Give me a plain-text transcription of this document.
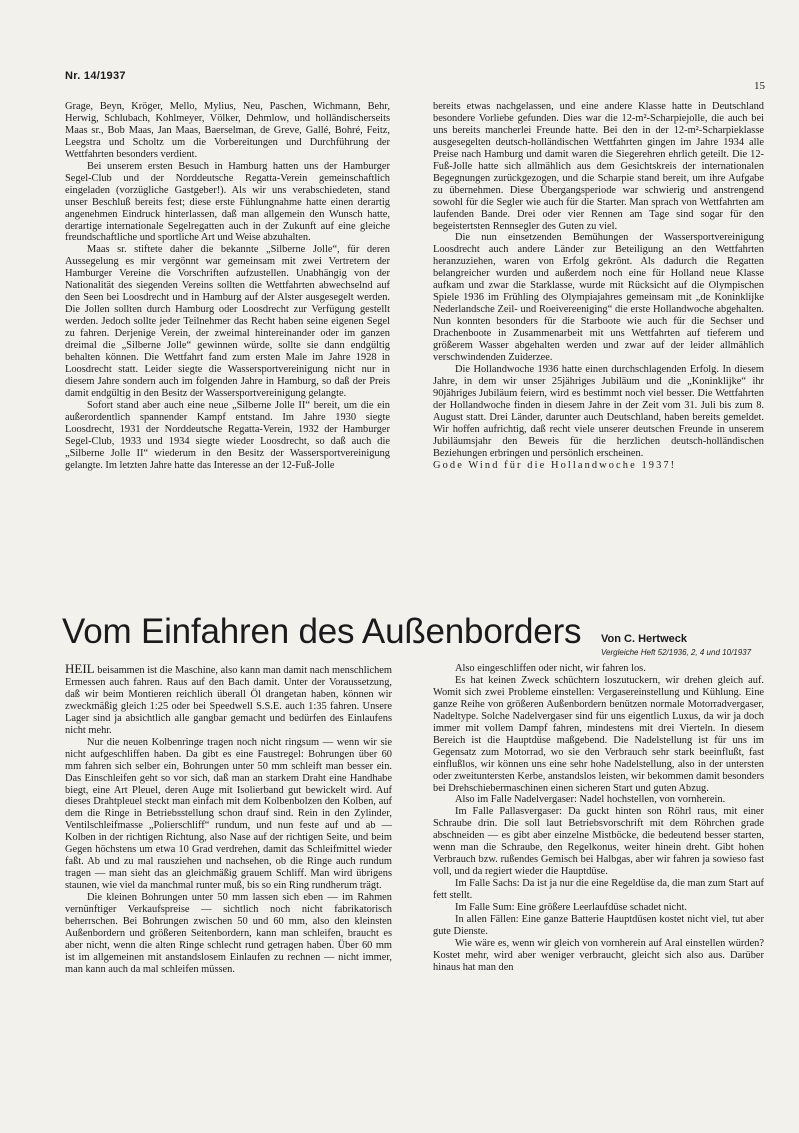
Nr. 14/1937
15

Grage, Beyn, Kröger, Mello, Mylius, Neu, Paschen, Wichmann, Behr, Herwig, Schlubach, Kohlmeyer, Völker, Dehmlow, und holländischerseits Maas sr., Bob Maas, Jan Maas, Baerselman, de Greve, Gallé, Bohré, Feitz, Leegstra und Scholtz um die Vorbereitungen und Durchführung der Wettfahrten besonders verdient.

Bei unserem ersten Besuch in Hamburg hatten uns der Hamburger Segel-Club und der Norddeutsche Regatta-Verein gemeinschaftlich eingeladen (vorzügliche Gastgeber!). Als wir uns verabschiedeten, stand unser Beschluß bereits fest; diese erste Fühlungnahme hatte einen derartig angenehmen Eindruck hinterlassen, daß man allgemein den Wunsch hatte, derartige internationale Segelregatten auch in der Zukunft auf eine gleiche freundschaftliche und sportliche Art und Weise abzuhalten.

Maas sr. stiftete daher die bekannte „Silberne Jolle“, für deren Aussegelung es mir vergönnt war gemeinsam mit zwei Vertretern der Hamburger Vereine die Vorschriften aufzustellen. Unabhängig von der Nationalität des siegenden Vereins sollten die Wettfahrten abwechselnd auf den Seen bei Loosdrecht und in Hamburg auf der Alster ausgesegelt werden. Die Jollen sollten durch Hamburg oder Loosdrecht zur Verfügung gestellt werden. Jedoch sollte jeder Teilnehmer das Recht haben seine eigenen Segel zu fahren. Derjenige Verein, der zweimal hintereinander oder im ganzen dreimal die „Silberne Jolle“ gewinnen würde, sollte sie dann endgültig behalten können. Die Wettfahrt fand zum ersten Male im Jahre 1928 in Loosdrecht statt. Leider siegte die Wassersportvereinigung nicht nur in diesem Jahre sondern auch im folgenden Jahre in Hamburg, so daß der Preis damit endgültig in den Besitz der Wassersportvereinigung gelangte.

Sofort stand aber auch eine neue „Silberne Jolle II“ bereit, um die ein außerordentlich spannender Kampf entstand. Im Jahre 1930 siegte Loosdrecht, 1931 der Norddeutsche Regatta-Verein, 1932 der Hamburger Segel-Club, 1933 und 1934 siegte wieder Loosdrecht, so daß auch die „Silberne Jolle II“ wiederum in den Besitz der Wassersportvereinigung gelangte. Im letzten Jahre hatte das Interesse an der 12-Fuß-Jolle

bereits etwas nachgelassen, und eine andere Klasse hatte in Deutschland besondere Vorliebe gefunden. Dies war die 12-m²-Scharpiejolle, die auch bei uns bereits mancherlei Freunde hatte. Bei den in der 12-m²-Scharpieklasse ausgesegelten deutsch-holländischen Wettfahrten gingen im Jahre 1934 alle Preise nach Hamburg und damit waren die Siegerehren ehrlich geteilt. Die 12-Fuß-Jolle hatte sich allmählich aus dem Gesichtskreis der internationalen Begegnungen zurückgezogen, und die Scharpie stand bereit, um ihre Aufgabe zu übernehmen. Diese Übergangsperiode war schwierig und anstrengend sowohl für die Segler wie auch für die Starter. Man sprach von Wettfahrten am laufenden Bande. Drei oder vier Rennen am Tage sind sogar für den begeistertsten Rennsegler des Guten zu viel.

Die nun einsetzenden Bemühungen der Wassersportvereinigung Loosdrecht auch andere Länder zur Beteiligung an den Wettfahrten heranzuziehen, waren von Erfolg gekrönt. Als dadurch die Regatten belangreicher wurden und außerdem noch eine für Holland neue Klasse aufkam und zwar die Starklasse, wurde mit Rücksicht auf die Olympischen Spiele 1936 im Frühling des Olympiajahres gemeinsam mit „de Koninklijke Nederlandsche Zeil- und Roeivereeniging“ die erste Hollandwoche abgehalten. Nun konnten besonders für die Starboote wie auch für die Sechser und Drachenboote in Zusammenarbeit mit uns Wettfahrten auf tieferem und größerem Wasser abgehalten werden und zwar auf der leider allmählich verschwindenden Zuiderzee.

Die Hollandwoche 1936 hatte einen durchschlagenden Erfolg. In diesem Jahre, in dem wir unser 25jähriges Jubiläum und die „Koninklijke“ ihr 90jähriges Jubiläum feiern, wird es bestimmt noch viel besser. Die Wettfahrten der Hollandwoche finden in diesem Jahre in der Zeit vom 31. Juli bis zum 8. August statt. Drei Länder, darunter auch Deutschland, haben bereits gemeldet. Wir hoffen aufrichtig, daß recht viele unserer deutschen Freunde in unserem Jubiläumsjahr den Beweis für die herzlichen deutsch-holländischen Beziehungen erbringen und persönlich erscheinen.

Gode Wind für die Hollandwoche 1937!

Vom Einfahren des Außenborders Von C. Hertweck
Vergleiche Heft 52/1936, 2, 4 und 10/1937

HEIL beisammen ist die Maschine, also kann man damit nach menschlichem Ermessen auch fahren. Raus auf den Bach damit. Unter der Voraussetzung, daß wir beim Montieren reichlich überall Öl drangetan haben, können wir zweckmäßig gleich 1:25 oder bei Speedwell S.S.E. auch 1:35 fahren. Unsere Lager sind ja absichtlich alle gangbar gemacht und bedürfen des Einlaufens nicht mehr.

Nur die neuen Kolbenringe tragen noch nicht ringsum — wenn wir sie nicht aufgeschliffen haben. Da gibt es eine Faustregel: Bohrungen über 60 mm fahren sich selber ein, Bohrungen unter 50 mm schleift man besser ein. Das Einschleifen geht so vor sich, daß man an starkem Draht eine Handhabe biegt, eine Art Pleuel, deren Auge mit Isolierband gut bewickelt wird. Auf dieses Drahtpleuel steckt man einfach mit dem Kolbenbolzen den Kolben, auf dem die Ringe in Betriebsstellung schon drauf sind. Rein in den Zylinder, Ventilschleifmasse „Polierschliff“ rundum, und nun feste auf und ab — Kolben in der richtigen Richtung, also Nase auf der richtigen Seite, und beim Gegen höchstens um etwa 10 Grad verdrehen, damit das Schleifmittel wieder faßt. Ab und zu mal rausziehen und nachsehen, ob die Ringe auch rundum tragen — man sieht das an gleichmäßig grauem Schliff. Man wird übrigens staunen, wie viel da manchmal runter muß, bis so ein Ring rundherum trägt.

Die kleinen Bohrungen unter 50 mm lassen sich eben — im Rahmen vernünftiger Verkaufspreise — sichtlich noch nicht fabrikatorisch beherrschen. Bei Bohrungen zwischen 50 und 60 mm, also den kleinsten Außenbordern und größeren Seitenbordern, kann man schleifen, braucht es aber nicht, wenn die alten Ringe schlecht rund getragen haben. Über 60 mm ist im allgemeinen mit anstandslosem Einlaufen zu rechnen — nicht immer, man kann auch da mal schleifen müssen.

Also eingeschliffen oder nicht, wir fahren los.

Es hat keinen Zweck schüchtern loszutuckern, wir drehen gleich auf. Womit sich zwei Probleme einstellen: Vergasereinstellung und Kühlung. Eine ganze Reihe von größeren Außenbordern benützen normale Motorradvergaser, Nadeltype. Solche Nadelvergaser sind für uns eigentlich Luxus, da wir ja doch immer mit vollem Dampf fahren, mindestens mit drei Vierteln. In diesem Bereich ist die Hauptdüse maßgebend. Die Nadelstellung ist für uns im Gegensatz zum Motorrad, wo sie den Verbrauch sehr stark beeinflußt, fast einflußlos, wir können uns eine sehr hohe Nadelstellung, also in der untersten oder zweituntersten Kerbe, anstandslos leisten, wir bekommen damit besonders bei Drehschiebermaschinen einen sicheren Start und guten Abzug.

Also im Falle Nadelvergaser: Nadel hochstellen, von vornherein.

Im Falle Pallasvergaser: Da guckt hinten son Röhrl raus, mit einer Schraube drin. Die soll laut Betriebsvorschrift mit dem Röhrchen grade abschneiden — es gibt aber einzelne Mistböcke, die bedeutend besser starten, wenn man die Schraube, den Regelkonus, weiter hinein dreht. Gibt hohen Verbrauch bzw. rußendes Gemisch bei Halbgas, aber wir fahren ja sowieso fast voll, und da regiert wieder die Hauptdüse.

Im Falle Sachs: Da ist ja nur die eine Regeldüse da, die man zum Start auf fett stellt.

Im Falle Sum: Eine größere Leerlaufdüse schadet nicht.

In allen Fällen: Eine ganze Batterie Hauptdüsen kostet nicht viel, tut aber gute Dienste.

Wie wäre es, wenn wir gleich von vornherein auf Aral einstellen würden? Kostet mehr, wird aber weniger verbraucht, gleicht sich also aus. Darüber hinaus hat man den
